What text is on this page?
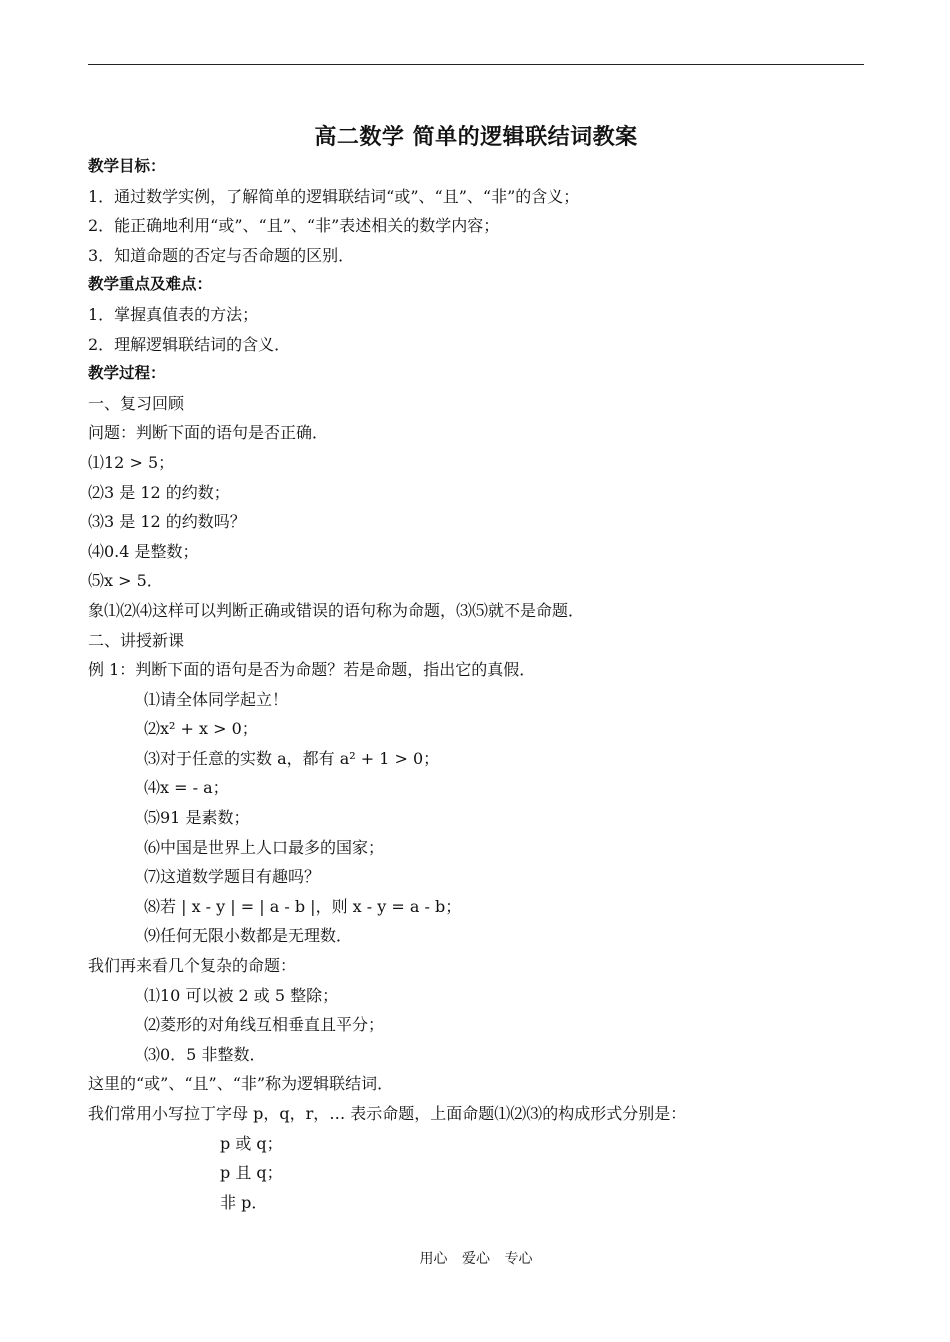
高二数学 简单的逻辑联结词教案
教学目标：
1．通过数学实例，了解简单的逻辑联结词“或”、“且”、“非”的含义；
2．能正确地利用“或”、“且”、“非”表述相关的数学内容；
3．知道命题的否定与否命题的区别．
教学重点及难点：
1．掌握真值表的方法；
2．理解逻辑联结词的含义．
教学过程：
一、复习回顾
问题：判断下面的语句是否正确．
⑴12 > 5；
⑵3 是 12 的约数；
⑶3 是 12 的约数吗？
⑷0.4 是整数；
⑸x > 5．
象⑴⑵⑷这样可以判断正确或错误的语句称为命题，⑶⑸就不是命题．
二、讲授新课
例 1：判断下面的语句是否为命题？若是命题，指出它的真假．
⑴请全体同学起立！
⑵x² + x > 0；
⑶对于任意的实数 a，都有 a² + 1 > 0；
⑷x = - a；
⑸91 是素数；
⑹中国是世界上人口最多的国家；
⑺这道数学题目有趣吗？
⑻若 | x - y | = | a - b |，则 x - y = a - b；
⑼任何无限小数都是无理数．
我们再来看几个复杂的命题：
⑴10 可以被 2 或 5 整除；
⑵菱形的对角线互相垂直且平分；
⑶0．5 非整数．
这里的“或”、“且”、“非”称为逻辑联结词．
我们常用小写拉丁字母 p，q，r，… 表示命题，上面命题⑴⑵⑶的构成形式分别是：
p 或 q；
p 且 q；
非 p．
用心 爱心 专心
